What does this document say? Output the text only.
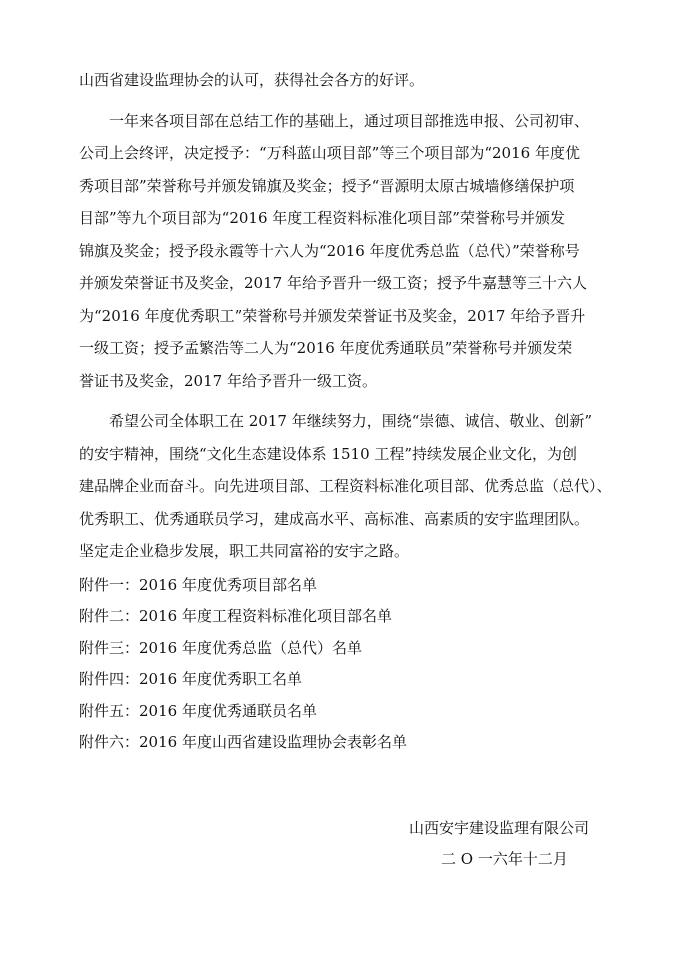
山西省建设监理协会的认可，获得社会各方的好评。

一年来各项目部在总结工作的基础上，通过项目部推选申报、公司初审、

公司上会终评，决定授予：“万科蓝山项目部”等三个项目部为“2016 年度优

秀项目部”荣誉称号并颁发锦旗及奖金；授予“晋源明太原古城墙修缮保护项

目部”等九个项目部为“2016 年度工程资料标准化项目部”荣誉称号并颁发

锦旗及奖金；授予段永霞等十六人为“2016 年度优秀总监（总代）”荣誉称号

并颁发荣誉证书及奖金，2017 年给予晋升一级工资；授予牛嘉慧等三十六人

为“2016 年度优秀职工”荣誉称号并颁发荣誉证书及奖金，2017 年给予晋升

一级工资；授予孟繁浩等二人为“2016 年度优秀通联员”荣誉称号并颁发荣

誉证书及奖金，2017 年给予晋升一级工资。

希望公司全体职工在 2017 年继续努力，围绕“崇德、诚信、敬业、创新”

的安宇精神，围绕“文化生态建设体系 1510 工程”持续发展企业文化，为创

建品牌企业而奋斗。向先进项目部、工程资料标准化项目部、优秀总监（总代）、

优秀职工、优秀通联员学习，建成高水平、高标准、高素质的安宇监理团队。

坚定走企业稳步发展，职工共同富裕的安宇之路。

附件一：2016 年度优秀项目部名单
附件二：2016 年度工程资料标准化项目部名单
附件三：2016 年度优秀总监（总代）名单
附件四：2016 年度优秀职工名单
附件五：2016 年度优秀通联员名单
附件六：2016 年度山西省建设监理协会表彰名单
山西安宇建设监理有限公司
二 O 一六年十二月
